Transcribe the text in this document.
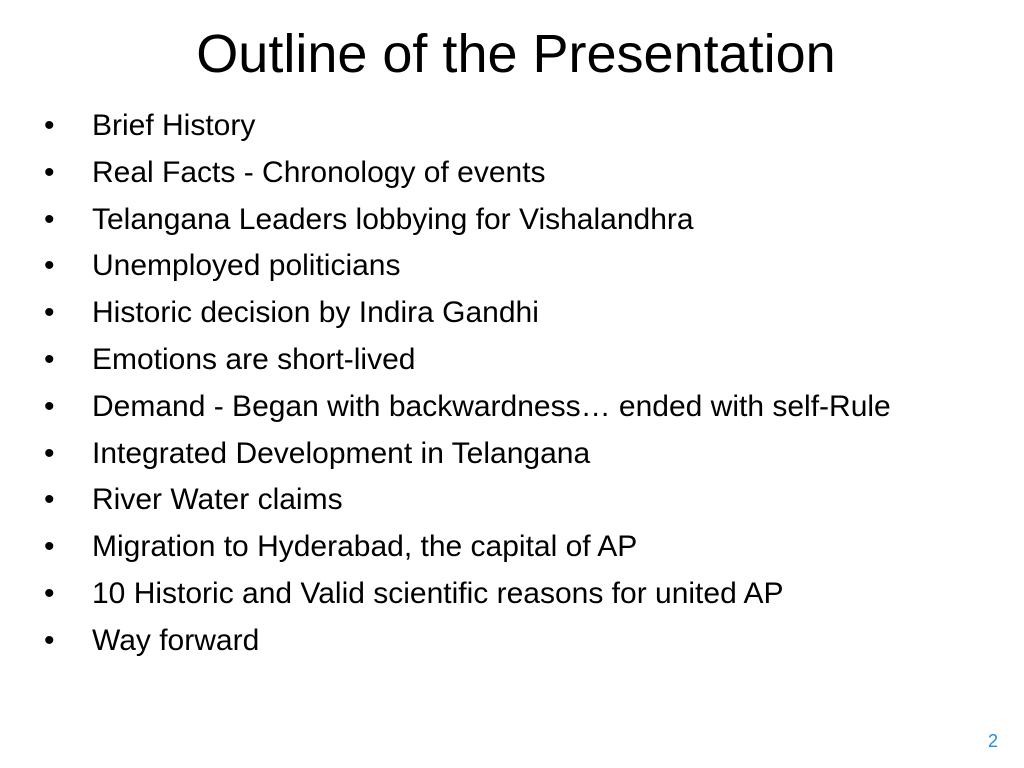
Outline of the Presentation
• Brief History
• Real Facts - Chronology of events
• Telangana Leaders lobbying for Vishalandhra
• Unemployed politicians
• Historic decision by Indira Gandhi
• Emotions are short-lived
• Demand - Began with backwardness… ended with self-Rule
• Integrated Development in Telangana
• River Water claims
• Migration to Hyderabad, the capital of AP
• 10 Historic and Valid scientific reasons for united AP
• Way forward
2
